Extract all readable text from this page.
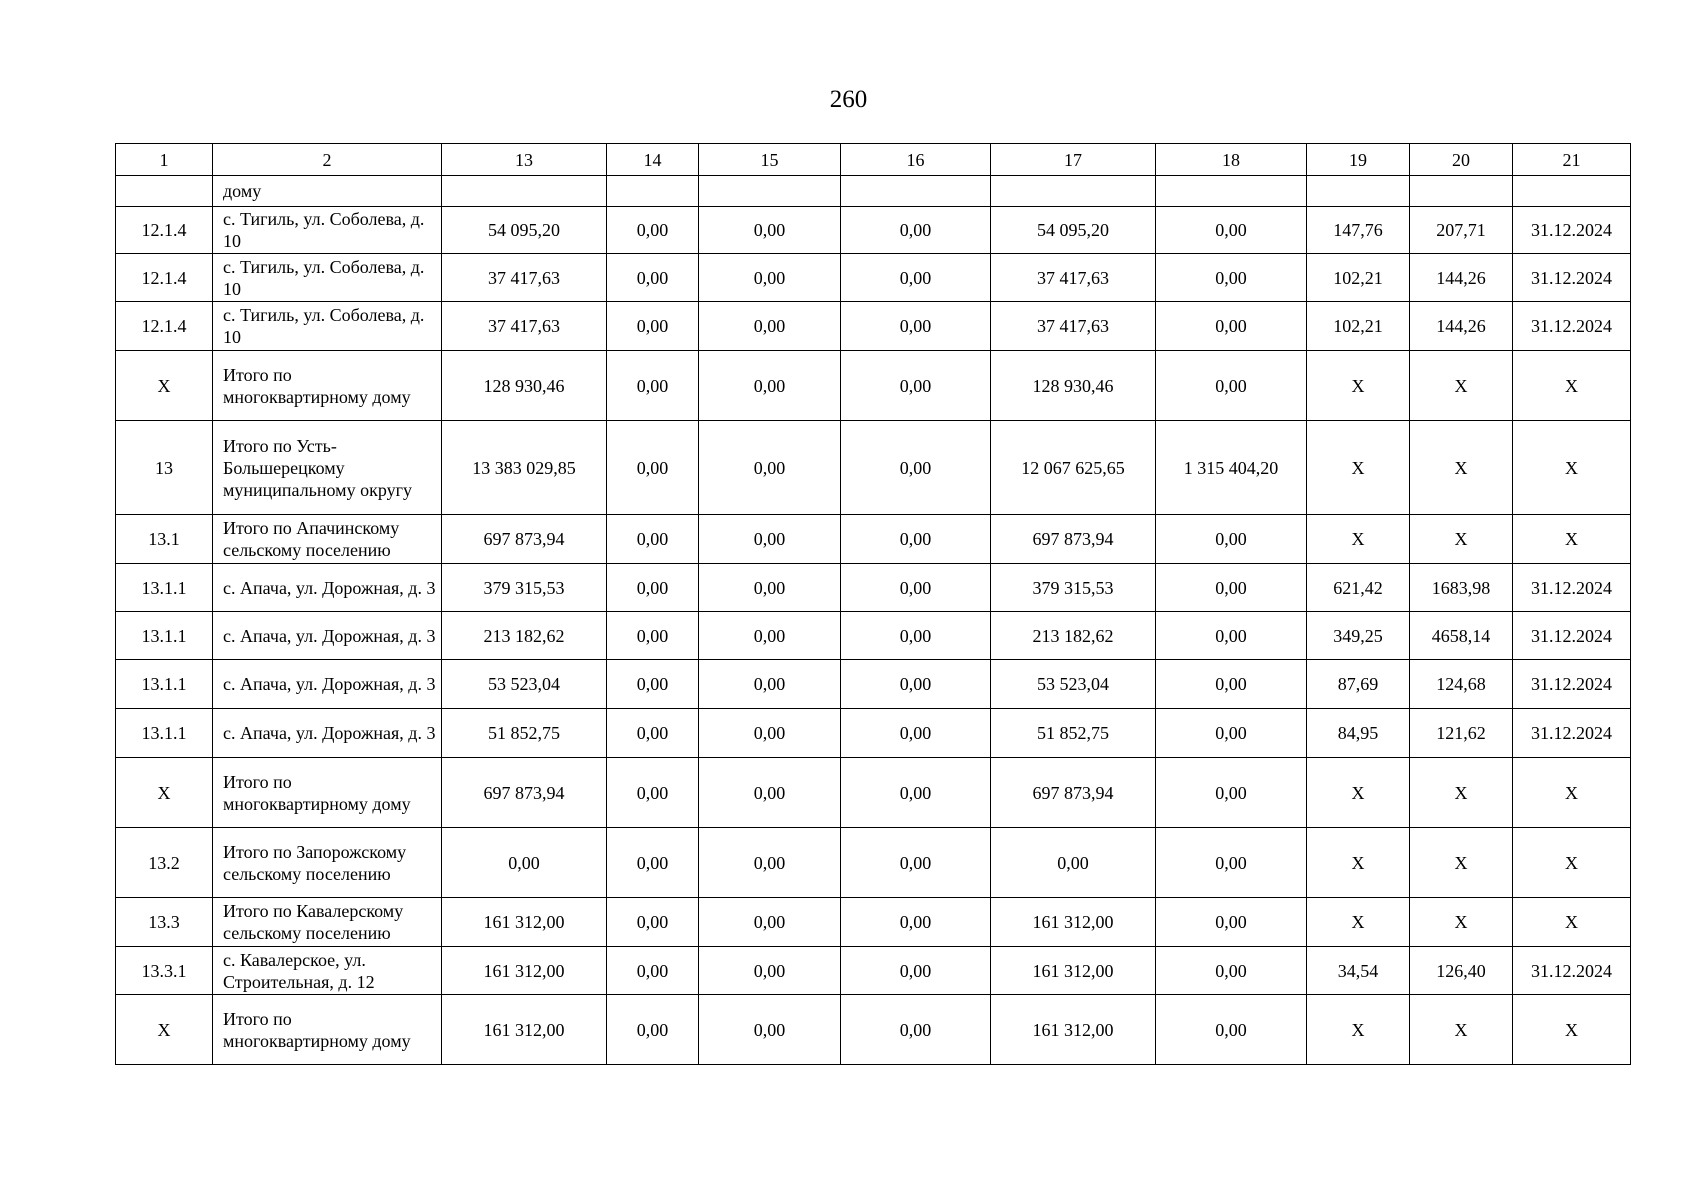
260
1	2	13	14	15	16	17	18	19	20	21
	дому									
12.1.4	с. Тигиль, ул. Соболева, д. 10	54 095,20	0,00	0,00	0,00	54 095,20	0,00	147,76	207,71	31.12.2024
12.1.4	с. Тигиль, ул. Соболева, д. 10	37 417,63	0,00	0,00	0,00	37 417,63	0,00	102,21	144,26	31.12.2024
12.1.4	с. Тигиль, ул. Соболева, д. 10	37 417,63	0,00	0,00	0,00	37 417,63	0,00	102,21	144,26	31.12.2024
X	Итого по многоквартирному дому	128 930,46	0,00	0,00	0,00	128 930,46	0,00	X	X	X
13	Итого по Усть-Большерецкому муниципальному округу	13 383 029,85	0,00	0,00	0,00	12 067 625,65	1 315 404,20	X	X	X
13.1	Итого по Апачинскому сельскому поселению	697 873,94	0,00	0,00	0,00	697 873,94	0,00	X	X	X
13.1.1	с. Апача, ул. Дорожная, д. 3	379 315,53	0,00	0,00	0,00	379 315,53	0,00	621,42	1683,98	31.12.2024
13.1.1	с. Апача, ул. Дорожная, д. 3	213 182,62	0,00	0,00	0,00	213 182,62	0,00	349,25	4658,14	31.12.2024
13.1.1	с. Апача, ул. Дорожная, д. 3	53 523,04	0,00	0,00	0,00	53 523,04	0,00	87,69	124,68	31.12.2024
13.1.1	с. Апача, ул. Дорожная, д. 3	51 852,75	0,00	0,00	0,00	51 852,75	0,00	84,95	121,62	31.12.2024
X	Итого по многоквартирному дому	697 873,94	0,00	0,00	0,00	697 873,94	0,00	X	X	X
13.2	Итого по Запорожскому сельскому поселению	0,00	0,00	0,00	0,00	0,00	0,00	X	X	X
13.3	Итого по Кавалерскому сельскому поселению	161 312,00	0,00	0,00	0,00	161 312,00	0,00	X	X	X
13.3.1	с. Кавалерское, ул. Строительная, д. 12	161 312,00	0,00	0,00	0,00	161 312,00	0,00	34,54	126,40	31.12.2024
X	Итого по многоквартирному дому	161 312,00	0,00	0,00	0,00	161 312,00	0,00	X	X	X
